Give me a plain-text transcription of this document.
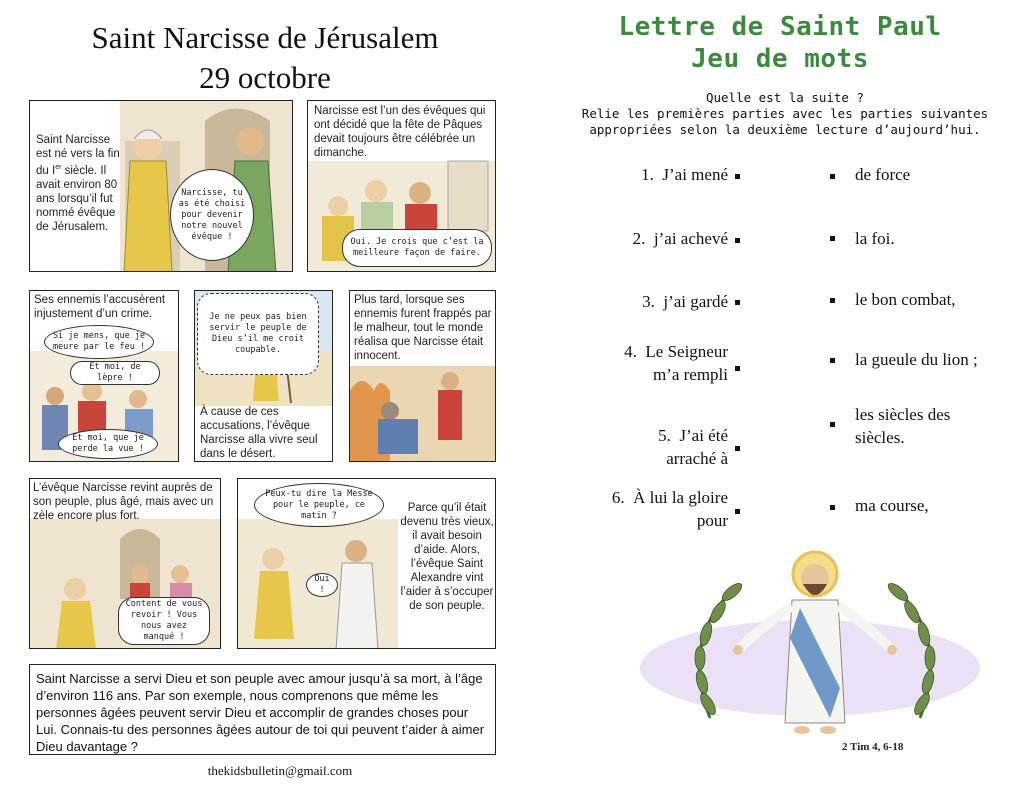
Saint Narcisse de Jérusalem
29 octobre
Saint Narcisse est né vers la fin du Ier siècle. Il avait environ 80 ans lorsqu’il fut nommé évêque de Jérusalem.
Narcisse, tu as été choisi pour devenir notre nouvel évêque !
Narcisse est l’un des évêques qui ont décidé que la fête de Pâques devait toujours être célébrée un dimanche.
Oui. Je crois que c’est la meilleure façon de faire.
Ses ennemis l’accusèrent injustement d’un crime.
Si je mens, que je meure par le feu !
Et moi, de lèpre !
Et moi, que je perde la vue !
Je ne peux pas bien servir le peuple de Dieu s’il me croit coupable.
À cause de ces accusations, l’évêque Narcisse alla vivre seul dans le désert.
Plus tard, lorsque ses ennemis furent frappés par le malheur, tout le monde réalisa que Narcisse était innocent.
L’évêque Narcisse revint auprès de son peuple, plus âgé, mais avec un zèle encore plus fort.
Content de vous revoir ! Vous nous avez manqué !
Peux-tu dire la Messe pour le peuple, ce matin ?
Oui !
Parce qu’il était devenu très vieux, il avait besoin d’aide. Alors, l’évêque Saint Alexandre vint l’aider à s’occuper de son peuple.
Saint Narcisse a servi Dieu et son peuple avec amour jusqu’à sa mort, à l’âge d’environ 116 ans. Par son exemple, nous comprenons que même les personnes âgées peuvent servir Dieu et accomplir de grandes choses pour Lui. Connais-tu des personnes âgées autour de toi qui peuvent t’aider à aimer Dieu davantage ?
thekidsbulletin@gmail.com
Lettre de Saint Paul
Jeu de mots
Quelle est la suite ?
Relie les premières parties avec les parties suivantes
appropriées selon la deuxième lecture d’aujourd’hui.
1. J’ai mené
2. j’ai achevé
3. j’ai gardé
4. Le Seigneur
m’a rempli
5. J’ai été
arraché à
6. À lui la gloire
pour
de force
la foi.
le bon combat,
la gueule du lion ;
les siècles des
siècles.
ma course,
2 Tim 4, 6-18
